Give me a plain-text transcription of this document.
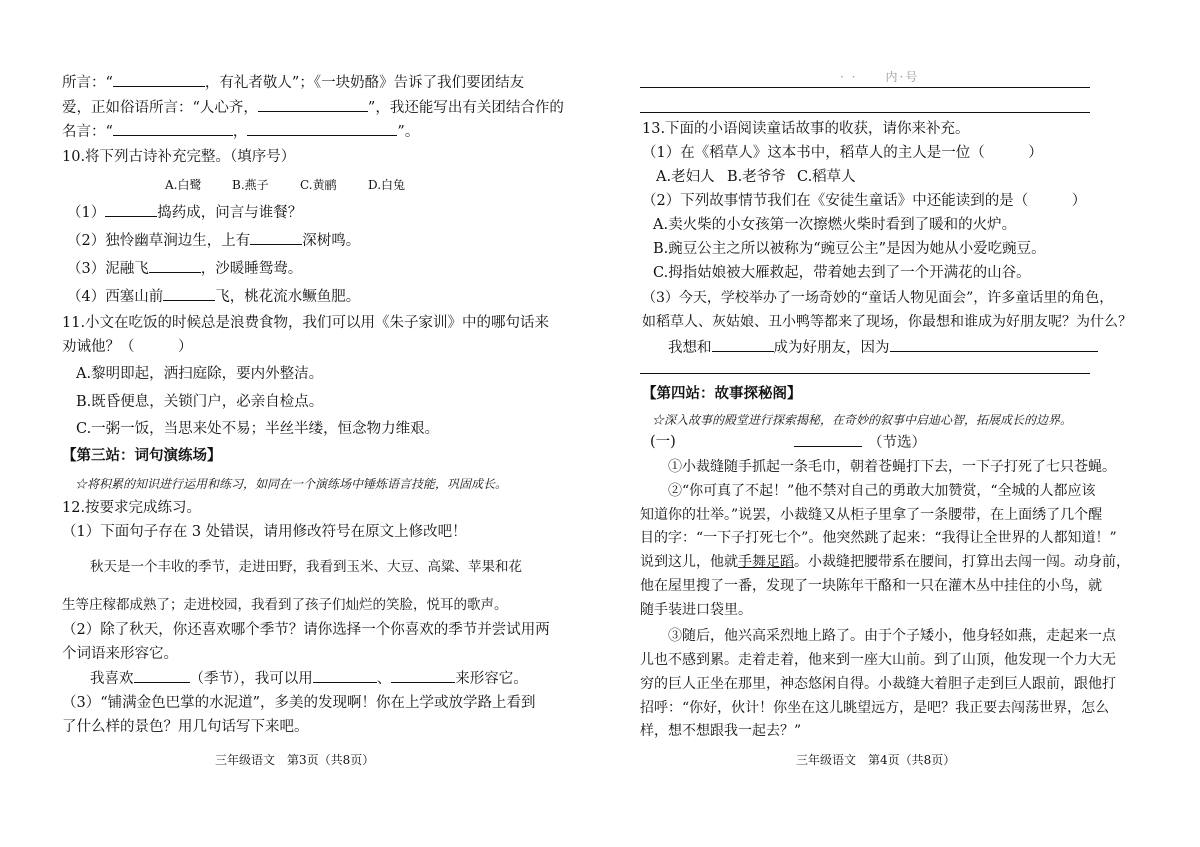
所言：“	，有礼者敬人”；《一块奶酪》告诉了我们要团结友
爱，正如俗语所言：“人心齐，	”，我还能写出有关团结合作的
名言：“	，	”。
10.将下列古诗补充完整。（填序号）
A.白鹭	B.燕子	C.黄鹂	D.白兔
（1）	捣药成，问言与谁餐？
（2）独怜幽草涧边生，上有	深树鸣。
（3）泥融飞	，沙暖睡鸳鸯。
（4）西塞山前	飞，桃花流水鳜鱼肥。
11.小文在吃饭的时候总是浪费食物，我们可以用《朱子家训》中的哪句话来
劝诫他？（　　　）
A.黎明即起，洒扫庭除，要内外整洁。
B.既昏便息，关锁门户，必亲自检点。
C.一粥一饭，当思来处不易；半丝半缕，恒念物力维艰。
【第三站：词句演练场】
☆将积累的知识进行运用和练习，如同在一个演练场中锤炼语言技能，巩固成长。
12.按要求完成练习。
（1）下面句子存在 3 处错误，请用修改符号在原文上修改吧！
秋天是一个丰收的季节，走进田野，我看到玉米、大豆、高粱、苹果和花
生等庄稼都成熟了；走进校园，我看到了孩子们灿烂的笑脸，悦耳的歌声。
（2）除了秋天，你还喜欢哪个季节？请你选择一个你喜欢的季节并尝试用两
个词语来形容它。
我喜欢	（季节），我可以用	、	来形容它。
（3）“铺满金色巴掌的水泥道”，多美的发现啊！你在上学或放学路上看到
了什么样的景色？用几句话写下来吧。
三年级语文　第3页（共8页）
· ·　　内·号
13.下面的小语阅读童话故事的收获，请你来补充。
（1）在《稻草人》这本书中，稻草人的主人是一位（　　　）
A.老妇人 B.老爷爷 C.稻草人
（2）下列故事情节我们在《安徒生童话》中还能读到的是（　　　）
A.卖火柴的小女孩第一次擦燃火柴时看到了暖和的火炉。
B.豌豆公主之所以被称为“豌豆公主”是因为她从小爱吃豌豆。
C.拇指姑娘被大雁救起，带着她去到了一个开满花的山谷。
（3）今天，学校举办了一场奇妙的“童话人物见面会”，许多童话里的角色，
如稻草人、灰姑娘、丑小鸭等都来了现场，你最想和谁成为好朋友呢？为什么？
我想和	成为好朋友，因为
【第四站：故事探秘阁】
☆深入故事的殿堂进行探索揭秘，在奇妙的叙事中启迪心智，拓展成长的边界。
(一)	（节选）
①小裁缝随手抓起一条毛巾，朝着苍蝇打下去，一下子打死了七只苍蝇。
②“你可真了不起！”他不禁对自己的勇敢大加赞赏，“全城的人都应该
知道你的壮举。”说罢，小裁缝又从柜子里拿了一条腰带，在上面绣了几个醒
目的字：“一下子打死七个”。他突然跳了起来：“我得让全世界的人都知道！”
说到这儿，他就手舞足蹈。小裁缝把腰带系在腰间，打算出去闯一闯。动身前，
他在屋里搜了一番，发现了一块陈年干酪和一只在灌木丛中挂住的小鸟，就
随手装进口袋里。
③随后，他兴高采烈地上路了。由于个子矮小，他身轻如燕，走起来一点
儿也不感到累。走着走着，他来到一座大山前。到了山顶，他发现一个力大无
穷的巨人正坐在那里，神态悠闲自得。小裁缝大着胆子走到巨人跟前，跟他打
招呼：“你好，伙计！你坐在这儿眺望远方，是吧？我正要去闯荡世界，怎么
样，想不想跟我一起去？”
三年级语文　第4页（共8页）
